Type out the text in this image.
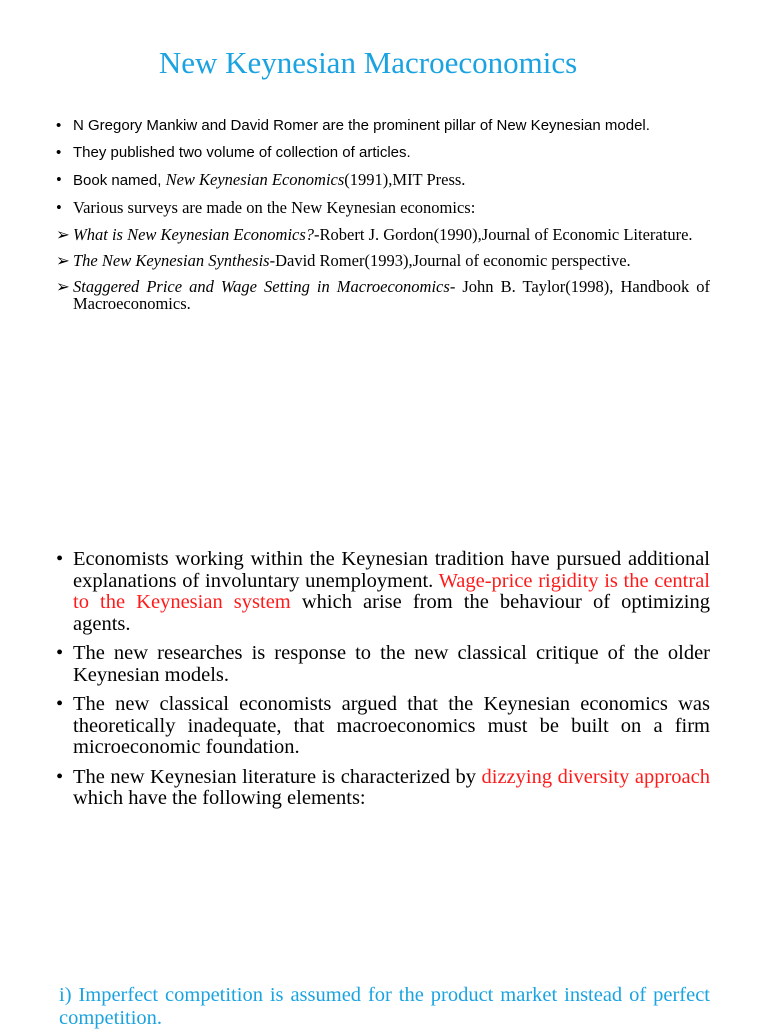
New Keynesian Macroeconomics
• N Gregory Mankiw and David Romer are the prominent pillar of New Keynesian model.
• They published two volume of collection of articles.
• Book named, New Keynesian Economics(1991),MIT Press.
• Various surveys are made on the New Keynesian economics:
➢ What is New Keynesian Economics?-Robert J. Gordon(1990),Journal of Economic Literature.
➢ The New Keynesian Synthesis-David Romer(1993),Journal of economic perspective.
➢ Staggered Price and Wage Setting in Macroeconomics- John B. Taylor(1998), Handbook of Macroeconomics.
• Economists working within the Keynesian tradition have pursued additional explanations of involuntary unemployment. Wage-price rigidity is the central to the Keynesian system which arise from the behaviour of optimizing agents.
• The new researches is response to the new classical critique of the older Keynesian models.
• The new classical economists argued that the Keynesian economics was theoretically inadequate, that macroeconomics must be built on a firm microeconomic foundation.
• The new Keynesian literature is characterized by dizzying diversity approach which have the following elements:

i) Imperfect competition is assumed for the product market instead of perfect competition.
